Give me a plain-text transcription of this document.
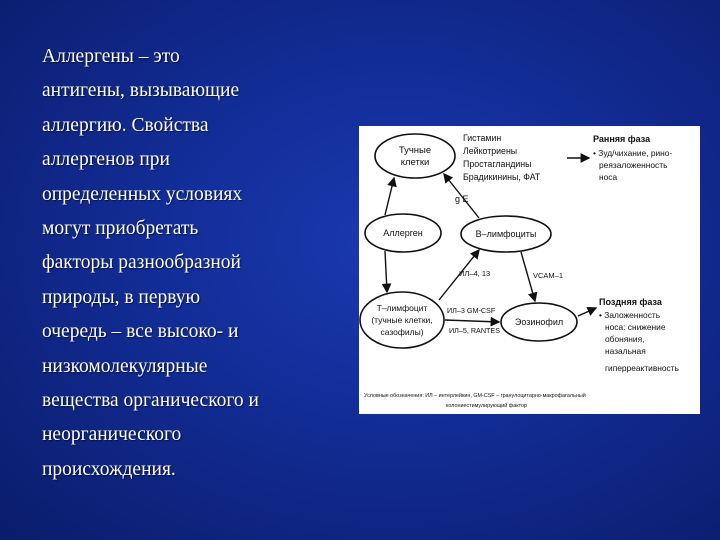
Аллергены – это
антигены, вызывающие
аллергию. Свойства
аллергенов при
определенных условиях
могут приобретать
факторы разнообразной
природы, в первую
очередь – все высоко- и
низкомолекулярные
вещества органического и
неорганического
происхождения.
Тучные
клетки
Аллерген	В–лимфоциты
Т–лимфоцит
(тучные клетки,
сазофилы)
Эозинофил
Гистамин
Лейкотриены
Простагландины
Брадикинины, ФАТ
Ранняя фаза
• Зуд/чихание, рино-
реязаложенность
носа
Поздняя фаза
• Заложенность
носа: снижение
обоняния,
назальная
гиперреактивность
g E
ИЛ–4, 13	VCAM–1
ИЛ–3 GM-CSF
ИЛ–5, RANTES
Условные обозначения: ИЛ – интерлейкин, GM-CSF – гранулоцитарно-макрофагальный
колониестимулирующий фактор
